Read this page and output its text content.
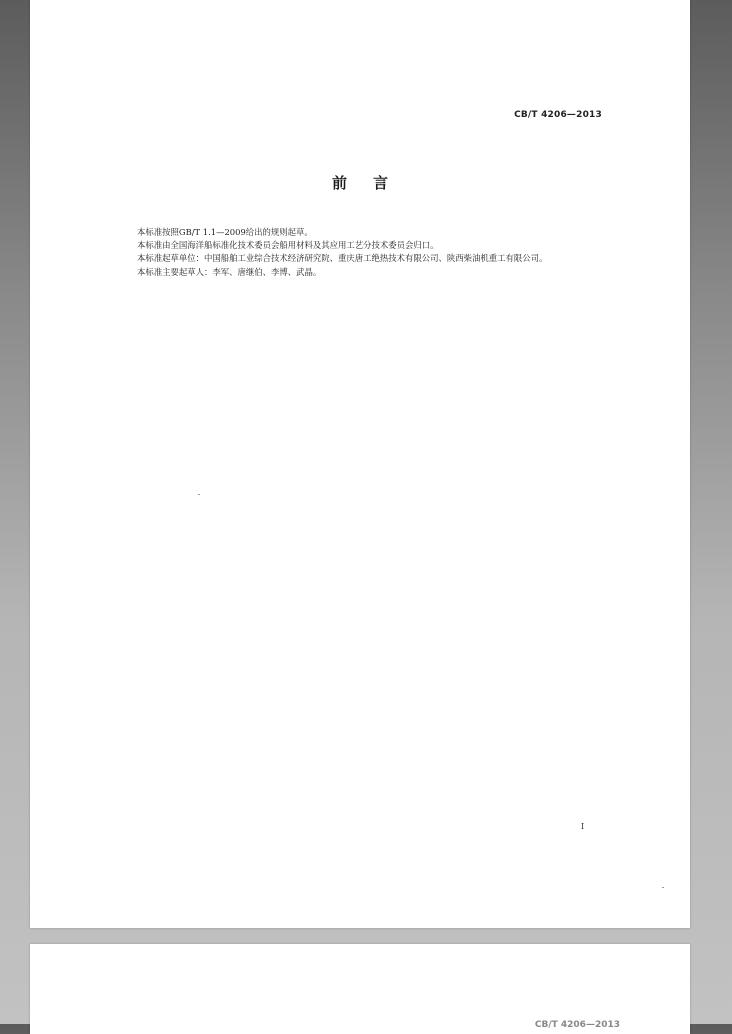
CB/T 4206—2013
前言

本标准按照GB/T 1.1—2009给出的规则起草。

本标准由全国海洋船标准化技术委员会船用材料及其应用工艺分技术委员会归口。

本标准起草单位：中国船舶工业综合技术经济研究院、重庆唐工绝热技术有限公司、陕西柴油机重工有限公司。

本标准主要起草人：李军、唐继伯、李博、武晶。

I
CB/T 4206—2013
